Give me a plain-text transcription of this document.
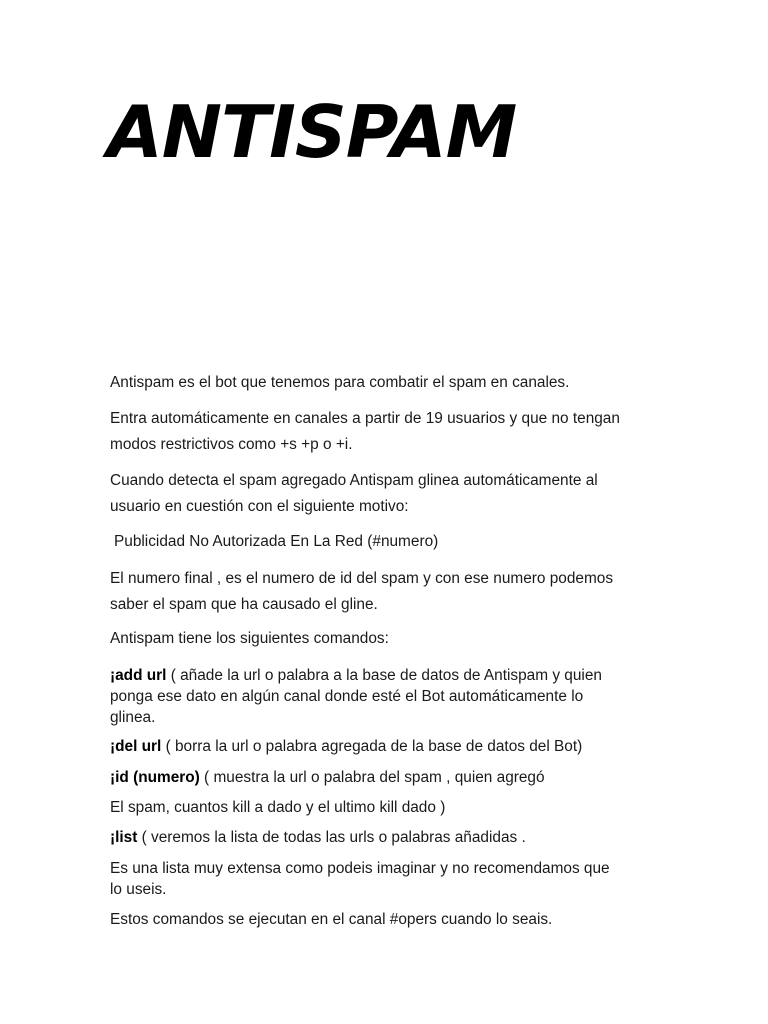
ANTISPAM

Antispam es el bot que tenemos para combatir el spam en canales.

Entra automáticamente en canales a partir de 19 usuarios y que no tengan
modos restrictivos como +s +p o +i.

Cuando detecta el spam agregado Antispam glinea automáticamente al
usuario en cuestión con el siguiente motivo:

Publicidad No Autorizada En La Red (#numero)

El numero final , es el numero de id del spam y con ese numero podemos
saber el spam que ha causado el gline.

Antispam tiene los siguientes comandos:

¡add url ( añade la url o palabra a la base de datos de Antispam y quien
ponga ese dato en algún canal donde esté el Bot automáticamente lo
glinea.

¡del url ( borra la url o palabra agregada de la base de datos del Bot)

¡id (numero) ( muestra la url o palabra del spam , quien agregó

El spam, cuantos kill a dado y el ultimo kill dado )

¡list ( veremos la lista de todas las urls o palabras añadidas .

Es una lista muy extensa como podeis imaginar y no recomendamos que
lo useis.

Estos comandos se ejecutan en el canal #opers cuando lo seais.
